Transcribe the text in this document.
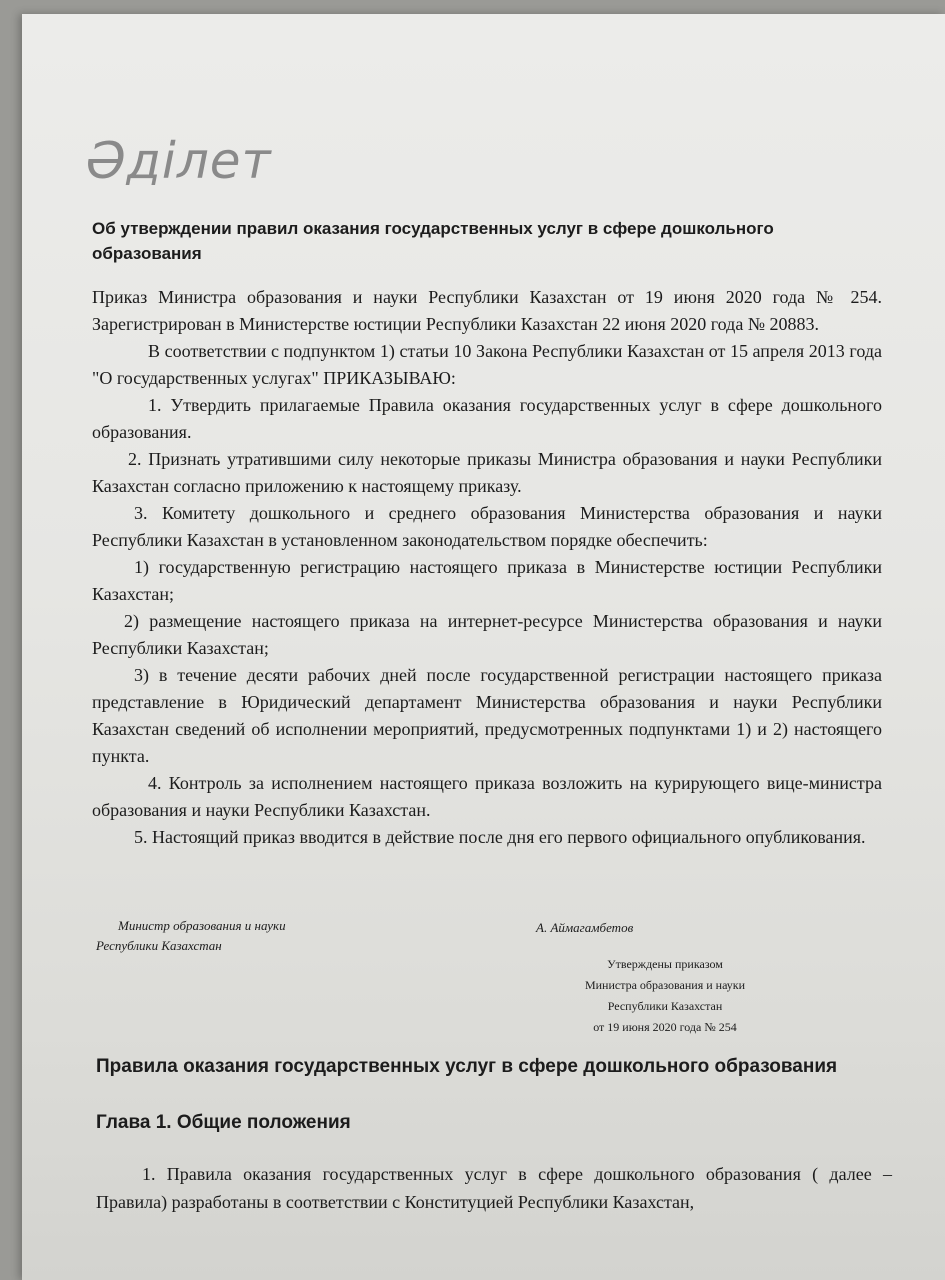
Әділет
Об утверждении правил оказания государственных услуг в сфере дошкольного образования

Приказ Министра образования и науки Республики Казахстан от 19 июня 2020 года № 254. Зарегистрирован в Министерстве юстиции Республики Казахстан 22 июня 2020 года № 20883.

В соответствии с подпунктом 1) статьи 10 Закона Республики Казахстан от 15 апреля 2013 года "О государственных услугах" ПРИКАЗЫВАЮ:

1. Утвердить прилагаемые Правила оказания государственных услуг в сфере дошкольного образования.

2. Признать утратившими силу некоторые приказы Министра образования и науки Республики Казахстан согласно приложению к настоящему приказу.

3. Комитету дошкольного и среднего образования Министерства образования и науки Республики Казахстан в установленном законодательством порядке обеспечить:

1) государственную регистрацию настоящего приказа в Министерстве юстиции Республики Казахстан;

2) размещение настоящего приказа на интернет-ресурсе Министерства образования и науки Республики Казахстан;

3) в течение десяти рабочих дней после государственной регистрации настоящего приказа представление в Юридический департамент Министерства образования и науки Республики Казахстан сведений об исполнении мероприятий, предусмотренных подпунктами 1) и 2) настоящего пункта.

4. Контроль за исполнением настоящего приказа возложить на курирующего вице-министра образования и науки Республики Казахстан.

5. Настоящий приказ вводится в действие после дня его первого официального опубликования.

Министр образования и науки
Республики Казахстан
А. Аймагамбетов
Утверждены приказом
Министра образования и науки
Республики Казахстан
от 19 июня 2020 года № 254
Правила оказания государственных услуг в сфере дошкольного образования
Глава 1. Общие положения

1. Правила оказания государственных услуг в сфере дошкольного образования ( далее – Правила) разработаны в соответствии с Конституцией Республики Казахстан,
